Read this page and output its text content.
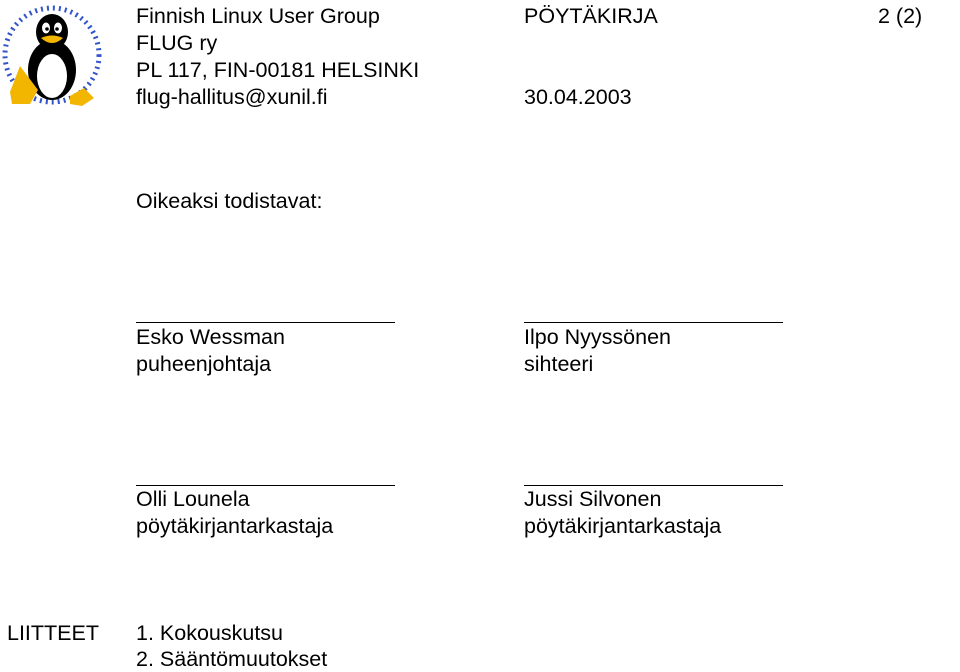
Finnish Linux User Group
FLUG ry
PL 117, FIN-00181 HELSINKI
flug-hallitus@xunil.fi
PÖYTÄKIRJA	2 (2)
30.04.2003
Oikeaksi todistavat:
Esko Wessman
puheenjohtaja
Ilpo Nyyssönen
sihteeri
Olli Lounela
pöytäkirjantarkastaja
Jussi Silvonen
pöytäkirjantarkastaja
LIITTEET 1. Kokouskutsu
2. Sääntömuutokset
